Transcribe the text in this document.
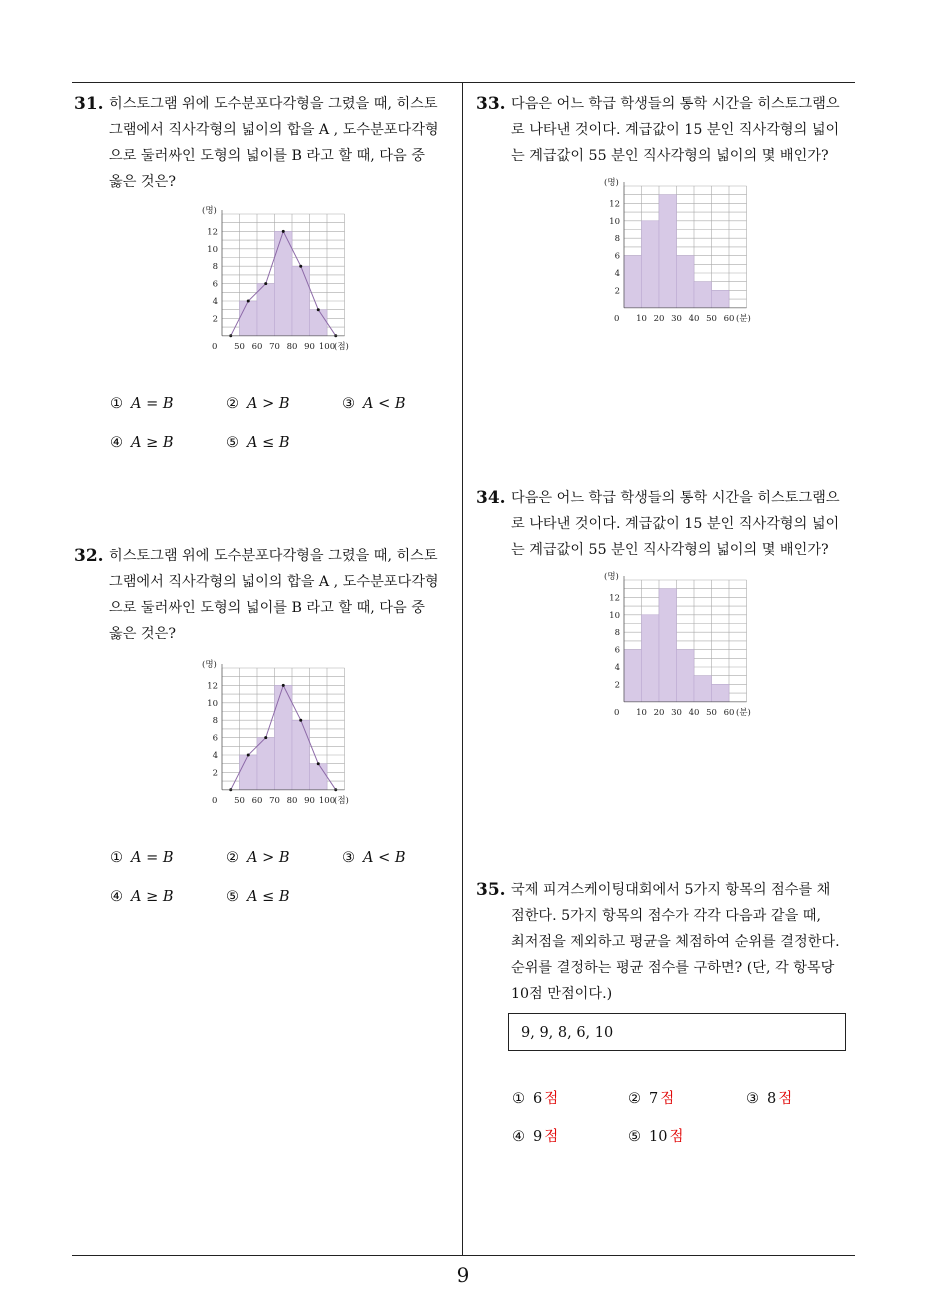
9
31. 히스토그램 위에 도수분포다각형을 그렸을 때, 히스토

그램에서 직사각형의 넓이의 합을 A , 도수분포다각형

으로 둘러싸인 도형의 넓이를 B 라고 할 때, 다음 중

옳은 것은?

(명)
0
2
4
6
8
10
12
50 60 70 80 90 100
(점)
① A = B	② A > B	③ A < B
④ A ≥ B	⑤ A ≤ B
32. 히스토그램 위에 도수분포다각형을 그렸을 때, 히스토

그램에서 직사각형의 넓이의 합을 A , 도수분포다각형

으로 둘러싸인 도형의 넓이를 B 라고 할 때, 다음 중

옳은 것은?

(명)
0
2
4
6
8
10
12
50 60 70 80 90 100
(점)
① A = B	② A > B	③ A < B
④ A ≥ B	⑤ A ≤ B
33. 다음은 어느 학급 학생들의 통학 시간을 히스토그램으

로 나타낸 것이다. 계급값이 15 분인 직사각형의 넓이

는 계급값이 55 분인 직사각형의 넓이의 몇 배인가?

(명)
0
2
4
6
8
10
12
10 20 30 40 50 60 (분)
34. 다음은 어느 학급 학생들의 통학 시간을 히스토그램으

로 나타낸 것이다. 계급값이 15 분인 직사각형의 넓이

는 계급값이 55 분인 직사각형의 넓이의 몇 배인가?

(명)
0
2
4
6
8
10
12
10 20 30 40 50 60 (분)
35. 국제 피겨스케이팅대회에서 5가지 항목의 점수를 채

점한다. 5가지 항목의 점수가 각각 다음과 같을 때,

최저점을 제외하고 평균을 체점하여 순위를 결정한다.

순위를 결정하는 평균 점수를 구하면? (단, 각 항목당

10점 만점이다.)

9, 9, 8, 6, 10
① 6 점	② 7 점	③ 8 점
④ 9 점	⑤ 10 점
